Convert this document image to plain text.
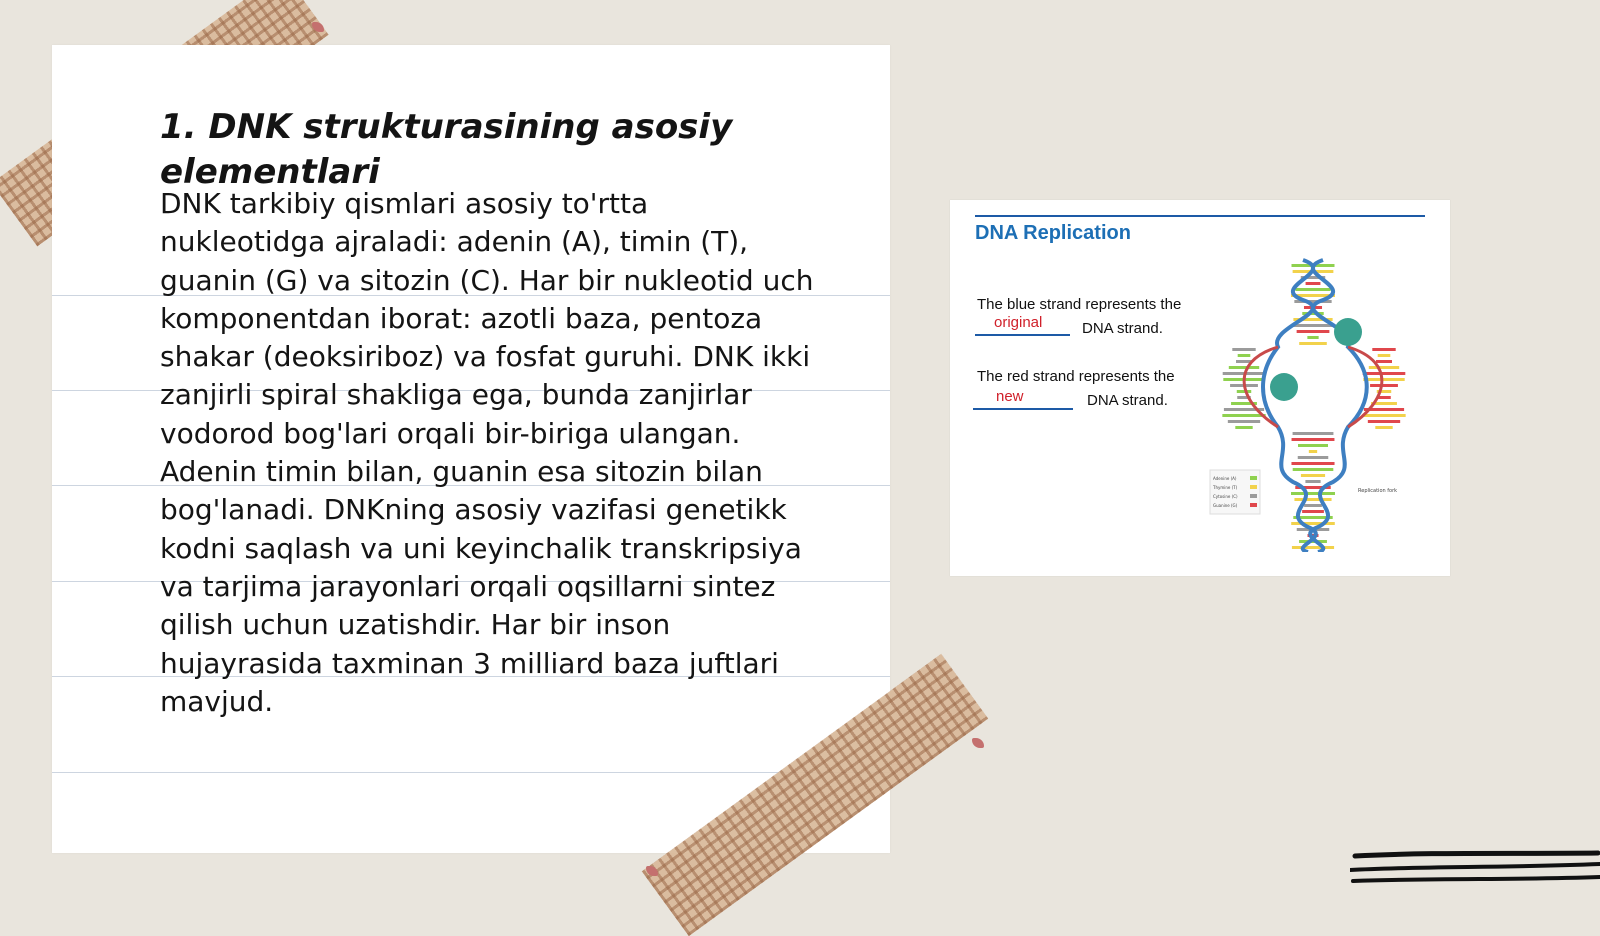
1. DNK strukturasining asosiy elementlari

DNK tarkibiy qismlari asosiy to'rtta nukleotidga ajraladi: adenin (A), timin (T), guanin (G) va sitozin (C). Har bir nukleotid uch komponentdan iborat: azotli baza, pentoza shakar (deoksiriboz) va fosfat guruhi. DNK ikki zanjirli spiral shakliga ega, bunda zanjirlar vodorod bog'lari orqali bir-biriga ulangan. Adenin timin bilan, guanin esa sitozin bilan bog'lanadi. DNKning asosiy vazifasi genetikk kodni saqlash va uni keyinchalik transkripsiya va tarjima jarayonlari orqali oqsillarni sintez qilish uchun uzatishdir. Har bir inson hujayrasida taxminan 3 milliard baza juftlari mavjud.

DNA Replication
The blue strand represents the
original	DNA strand.
The red strand represents the
new	DNA strand.
Adenine (A)
Thymine (T)
Cytosine (C)
Guanine (G)
Replication fork
